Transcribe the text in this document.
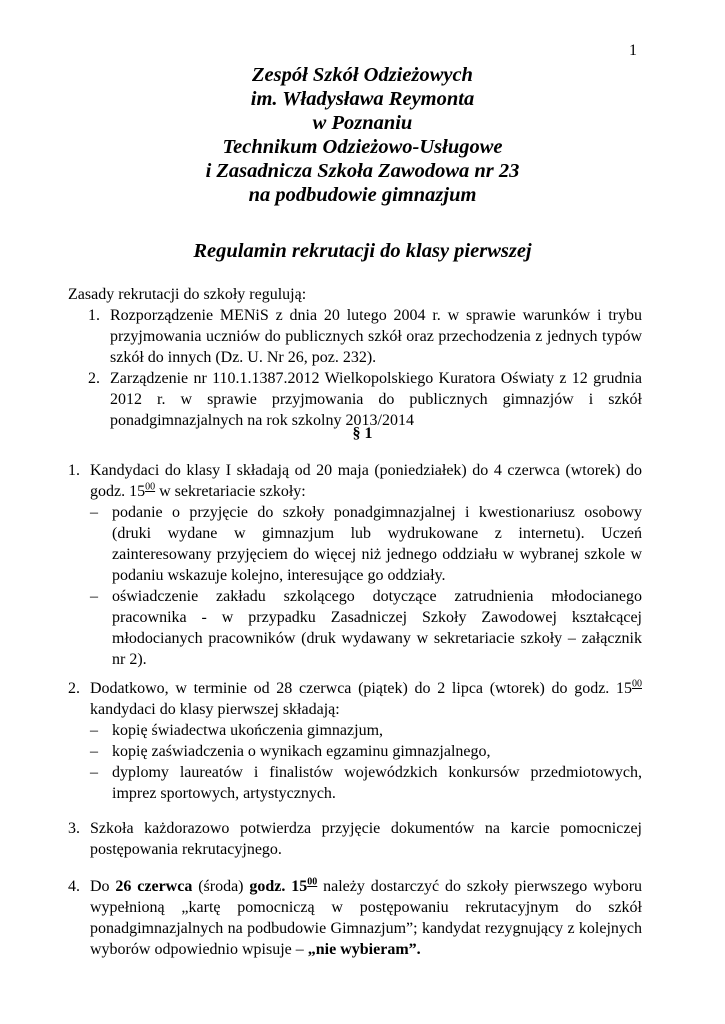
1
Zespół Szkół Odzieżowych
im. Władysława Reymonta
w Poznaniu
Technikum Odzieżowo-Usługowe
i Zasadnicza Szkoła Zawodowa nr 23
na podbudowie gimnazjum
Regulamin rekrutacji do klasy pierwszej
Zasady rekrutacji do szkoły regulują:
1. Rozporządzenie MENiS z dnia 20 lutego 2004 r. w sprawie warunków i trybu przyjmowania uczniów do publicznych szkół oraz przechodzenia z jednych typów szkół do innych (Dz. U. Nr 26, poz. 232).
2. Zarządzenie nr 110.1.1387.2012 Wielkopolskiego Kuratora Oświaty z 12 grudnia 2012 r. w sprawie przyjmowania do publicznych gimnazjów i szkół ponadgimnazjalnych na rok szkolny 2013/2014
§ 1
1. Kandydaci do klasy I składają od 20 maja (poniedziałek) do 4 czerwca (wtorek) do godz. $15^{00}$ w sekretariacie szkoły:
– podanie o przyjęcie do szkoły ponadgimnazjalnej i kwestionariusz osobowy (druki wydane w gimnazjum lub wydrukowane z internetu). Uczeń zainteresowany przyjęciem do więcej niż jednego oddziału w wybranej szkole w podaniu wskazuje kolejno, interesujące go oddziały.
– oświadczenie zakładu szkolącego dotyczące zatrudnienia młodocianego pracownika - w przypadku Zasadniczej Szkoły Zawodowej kształcącej młodocianych pracowników (druk wydawany w sekretariacie szkoły – załącznik nr 2).
2. Dodatkowo, w terminie od 28 czerwca (piątek) do 2 lipca (wtorek) do godz. $15^{00}$ kandydaci do klasy pierwszej składają:
– kopię świadectwa ukończenia gimnazjum,
– kopię zaświadczenia o wynikach egzaminu gimnazjalnego,
– dyplomy laureatów i finalistów wojewódzkich konkursów przedmiotowych, imprez sportowych, artystycznych.
3. Szkoła każdorazowo potwierdza przyjęcie dokumentów na karcie pomocniczej postępowania rekrutacyjnego.
4. Do 26 czerwca (środa) godz. $15^{00}$ należy dostarczyć do szkoły pierwszego wyboru wypełnioną „kartę pomocniczą w postępowaniu rekrutacyjnym do szkół ponadgimnazjalnych na podbudowie Gimnazjum”; kandydat rezygnujący z kolejnych wyborów odpowiednio wpisuje – „nie wybieram”.
